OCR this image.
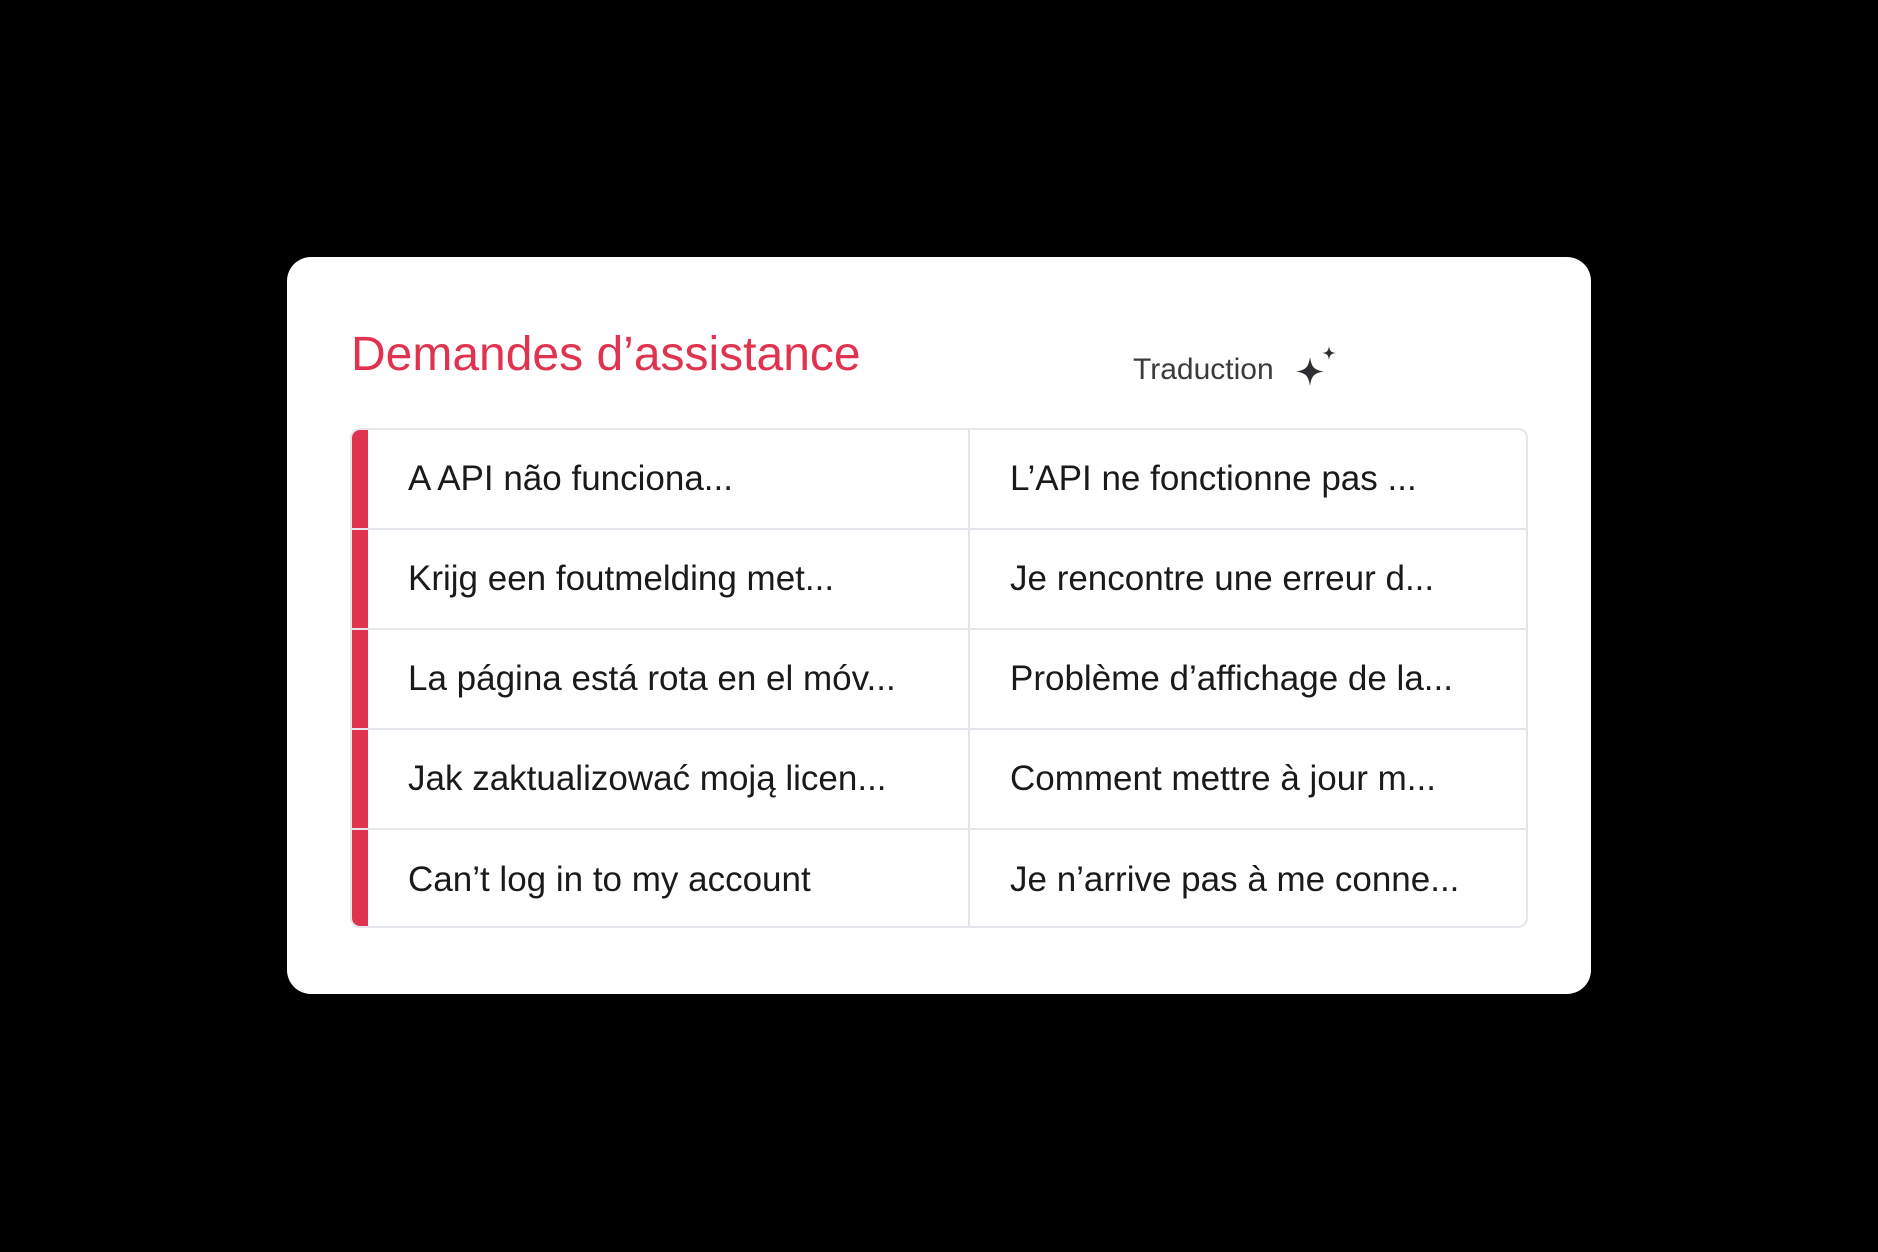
Demandes d’assistance	Traduction
A API não funciona...	L’API ne fonctionne pas ...
Krijg een foutmelding met...	Je rencontre une erreur d...
La página está rota en el móv...	Problème d’affichage de la...
Jak zaktualizować moją licen...	Comment mettre à jour m...
Can’t log in to my account	Je n’arrive pas à me conne...
